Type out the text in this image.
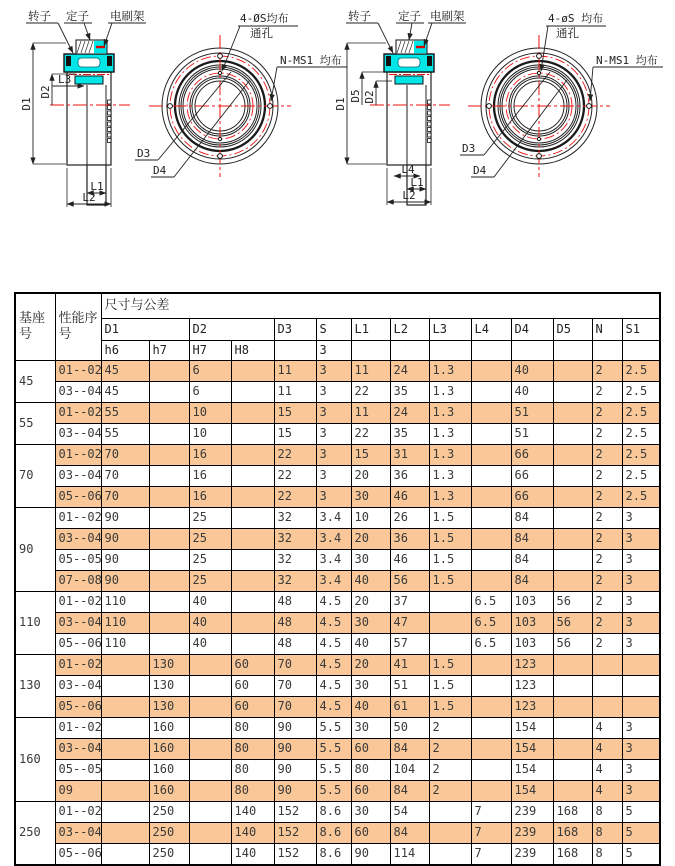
转子 定子 电刷架
D1
D2
L3
L1
L2
4-ØS均布
通孔
N-MS1 均布
D3
D4
转子 定子 电刷架
D1
D5 D2
L4
L1
L2
4-øS 均布
通孔
N-MS1 均布
D3
D4
基座号	性能序号	尺寸与公差													
		D1		D2		D3	S	L1	L2	L3	L4	D4	D5	N	S1
		h6	h7	H7	H8		3								
45	01--02	45		6		11	3	11	24	1.3		40		2	2.5
	03--04	45		6		11	3	22	35	1.3		40		2	2.5
55	01--02	55		10		15	3	11	24	1.3		51		2	2.5
	03--04	55		10		15	3	22	35	1.3		51		2	2.5
70	01--02	70		16		22	3	15	31	1.3		66		2	2.5
	03--04	70		16		22	3	20	36	1.3		66		2	2.5
	05--06	70		16		22	3	30	46	1.3		66		2	2.5
90	01--02	90		25		32	3.4	10	26	1.5		84		2	3
	03--04	90		25		32	3.4	20	36	1.5		84		2	3
	05--05	90		25		32	3.4	30	46	1.5		84		2	3
	07--08	90		25		32	3.4	40	56	1.5		84		2	3
110	01--02	110		40		48	4.5	20	37		6.5	103	56	2	3
	03--04	110		40		48	4.5	30	47		6.5	103	56	2	3
	05--06	110		40		48	4.5	40	57		6.5	103	56	2	3
130	01--02		130		60	70	4.5	20	41	1.5		123			
	03--04		130		60	70	4.5	30	51	1.5		123			
	05--06		130		60	70	4.5	40	61	1.5		123			
160	01--02		160		80	90	5.5	30	50	2		154		4	3
	03--04		160		80	90	5.5	60	84	2		154		4	3
	05--05		160		80	90	5.5	80	104	2		154		4	3
	09		160		80	90	5.5	60	84	2		154		4	3
250	01--02		250		140	152	8.6	30	54		7	239	168	8	5
	03--04		250		140	152	8.6	60	84		7	239	168	8	5
	05--06		250		140	152	8.6	90	114		7	239	168	8	5
